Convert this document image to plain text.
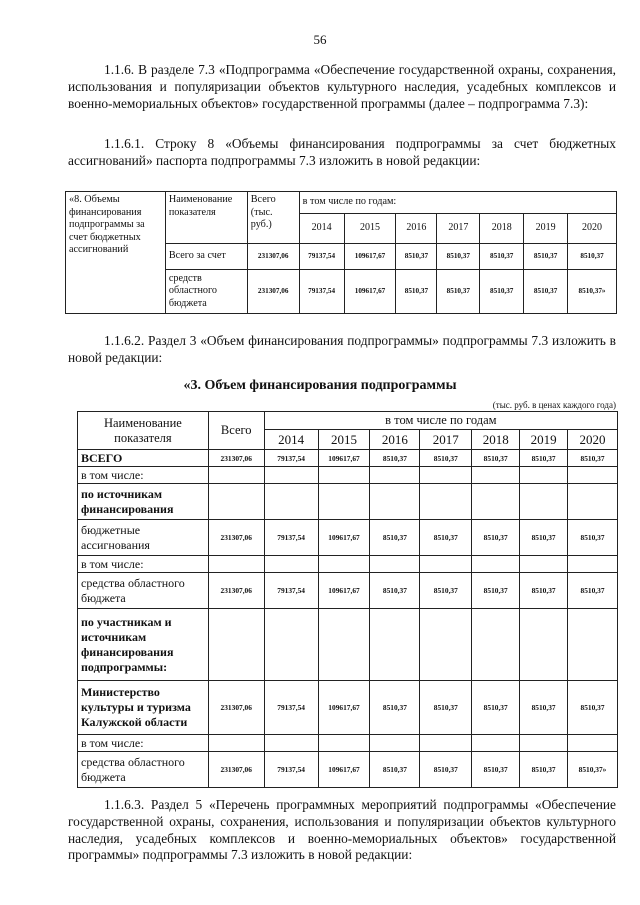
56
1.1.6. В разделе 7.3 «Подпрограмма «Обеспечение государственной охраны, сохранения, использования и популяризации объектов культурного наследия, усадебных комплексов и военно-мемориальных объектов» государственной программы (далее – подпрограмма 7.3):
1.1.6.1. Строку 8 «Объемы финансирования подпрограммы за счет бюджетных ассигнований» паспорта подпрограммы 7.3 изложить в новой редакции:
«8. Объемы финансирования подпрограммы за счет бюджетных ассигнований	Наименование показателя	Всего (тыс. руб.)	в том числе по годам:						
			2014	2015	2016	2017	2018	2019	2020
	Всего за счет	231307,06	79137,54	109617,67	8510,37	8510,37	8510,37	8510,37	8510,37
	средств областного бюджета	231307,06	79137,54	109617,67	8510,37	8510,37	8510,37	8510,37	8510,37»
1.1.6.2. Раздел 3 «Объем финансирования подпрограммы» подпрограммы 7.3 изложить в новой редакции:
«3. Объем финансирования подпрограммы
(тыс. руб. в ценах каждого года)
Наименование показателя	Всего	в том числе по годам						
		2014	2015	2016	2017	2018	2019	2020
ВСЕГО	231307,06	79137,54	109617,67	8510,37	8510,37	8510,37	8510,37	8510,37
в том числе:								
по источникам финансирования								
бюджетные ассигнования	231307,06	79137,54	109617,67	8510,37	8510,37	8510,37	8510,37	8510,37
в том числе:								
средства областного бюджета	231307,06	79137,54	109617,67	8510,37	8510,37	8510,37	8510,37	8510,37
по участникам и источникам финансирования подпрограммы:								
Министерство культуры и туризма Калужской области	231307,06	79137,54	109617,67	8510,37	8510,37	8510,37	8510,37	8510,37
в том числе:								
средства областного бюджета	231307,06	79137,54	109617,67	8510,37	8510,37	8510,37	8510,37	8510,37»
1.1.6.3. Раздел 5 «Перечень программных мероприятий подпрограммы «Обеспечение государственной охраны, сохранения, использования и популяризации объектов культурного наследия, усадебных комплексов и военно-мемориальных объектов» государственной программы» подпрограммы 7.3 изложить в новой редакции:
